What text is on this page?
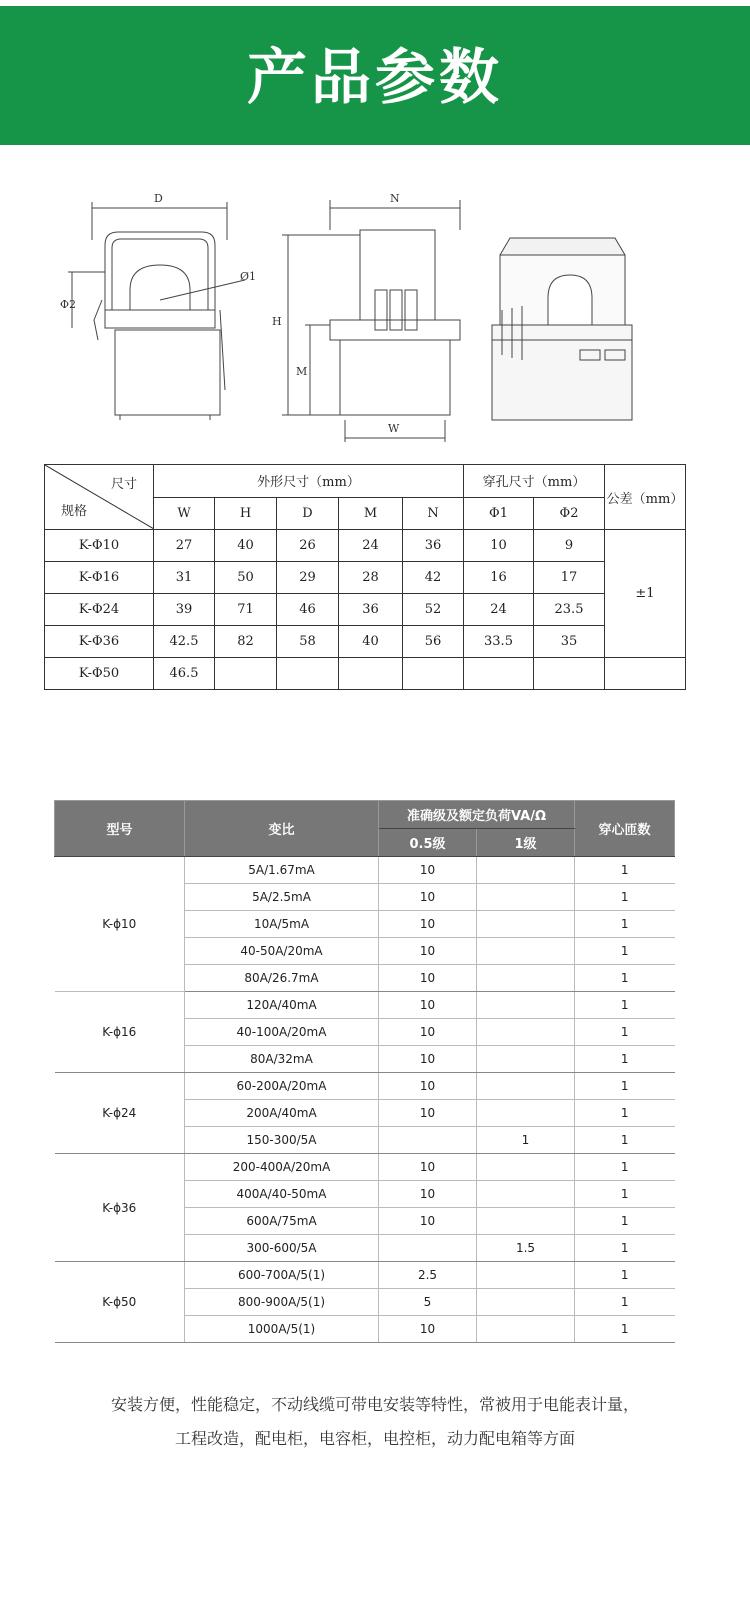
产品参数
D
Ø1
Φ2
N
H
M
W
尺寸
规格	外形尺寸（mm）					穿孔尺寸（mm）		公差（mm）
	W	H	D	M	N	Φ1	Φ2	
K-Φ10	27	40	26	24	36	10	9	±1
K-Φ16	31	50	29	28	42	16	17	
K-Φ24	39	71	46	36	52	24	23.5	
K-Φ36	42.5	82	58	40	56	33.5	35	
K-Φ50	46.5							
型号	变比	准确级及额定负荷VA/Ω		穿心匝数
		0.5级	1级	
K-ϕ10	5A/1.67mA	10		1
	5A/2.5mA	10		1
	10A/5mA	10		1
	40-50A/20mA	10		1
	80A/26.7mA	10		1
K-ϕ16	120A/40mA	10		1
	40-100A/20mA	10		1
	80A/32mA	10		1
K-ϕ24	60-200A/20mA	10		1
	200A/40mA	10		1
	150-300/5A		1	1
K-ϕ36	200-400A/20mA	10		1
	400A/40-50mA	10		1
	600A/75mA	10		1
	300-600/5A		1.5	1
K-ϕ50	600-700A/5(1)	2.5		1
	800-900A/5(1)	5		1
	1000A/5(1)	10		1
安装方便，性能稳定，不动线缆可带电安装等特性，常被用于电能表计量，
工程改造，配电柜，电容柜，电控柜，动力配电箱等方面
